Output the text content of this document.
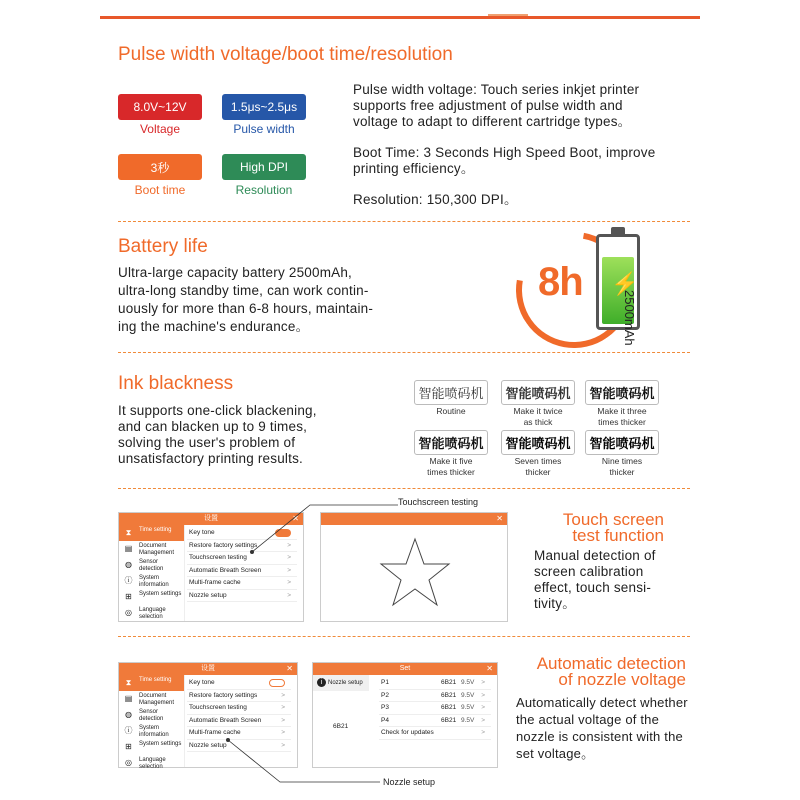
Pulse width voltage/boot time/resolution
8.0V~12V
Voltage
1.5μs~2.5μs
Pulse width
3秒
Boot time
High DPI
Resolution
Pulse width voltage: Touch series inkjet printer
supports free adjustment of pulse width and
voltage to adapt to different cartridge types。
Boot Time: 3 Seconds High Speed Boot, improve
printing efficiency。
Resolution: 150,300 DPI。
Battery life
Ultra-large capacity battery 2500mAh,
ultra-long standby time, can work contin-
uously for more than 6-8 hours, maintain-
ing the machine's endurance。
8h ⚡
2500mAh
Ink blackness
It supports one-click blackening,
and can blacken up to 9 times,
solving the user's problem of
unsatisfactory printing results.
智能喷码机
Routine
智能喷码机
Make it twice
as thick
智能喷码机
Make it three
times thicker
智能喷码机
Make it five
times thicker
智能喷码机
Seven times
thicker
智能喷码机
Nine times
thicker
Touchscreen testing
设置	✕
⧗ Time setting
▤ Document Management
◍ Sensor detection
ⓘ System information
⊞ System settings
◎ Language selection
Key tone
Restore factory settings	>
Touchscreen testing	>
Automatic Breath Screen	>
Multi-frame cache	>
Nozzle setup	>
✕	Touch screen
test function
Manual detection of
screen calibration
effect, touch sensi-
tivity。
设置	✕
⧗ Time setting
▤ Document Management
◍ Sensor detection
ⓘ System information
⊞ System settings
◎ Language selection
Key tone
Restore factory settings	>
Touchscreen testing	>
Automatic Breath Screen	>
Multi-frame cache	>
Nozzle setup	>
Nozzle setup
Set	✕
i Nozzle setup
6B21
P1	6B21 9.5V >
P2	6B21 9.5V >
P3	6B21 9.5V >
P4	6B21 9.5V >
Check for updates	>
Automatic detection
of nozzle voltage
Automatically detect whether
the actual voltage of the
nozzle is consistent with the
set voltage。
